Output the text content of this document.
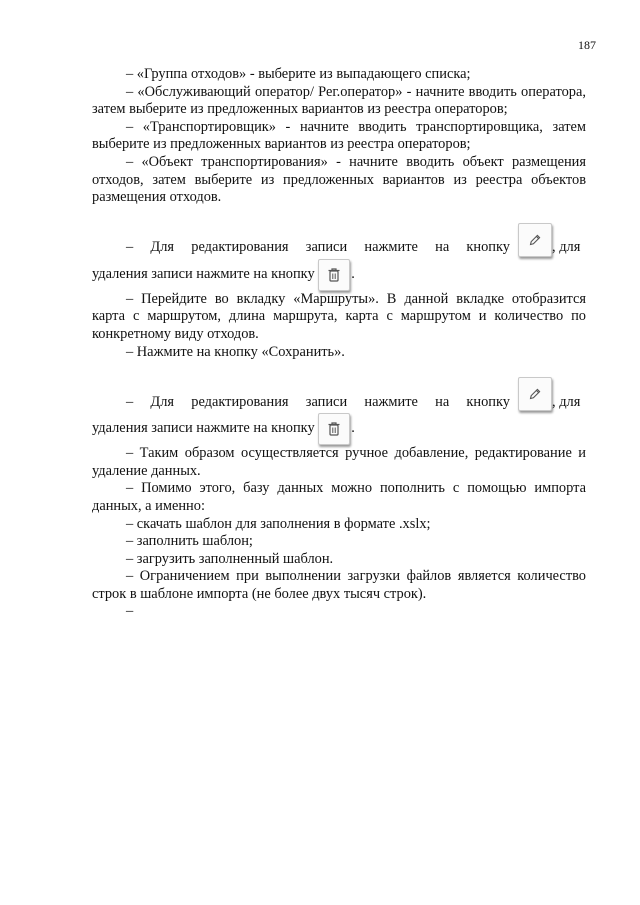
187

– «Группа отходов» - выберите из выпадающего списка;

– «Обслуживающий оператор/ Рег.оператор» - начните вводить оператора, затем выберите из предложенных вариантов из реестра операторов;

– «Транспортировщик» - начните вводить транспортировщика, затем выберите из предложенных вариантов из реестра операторов;

– «Объект транспортирования» - начните вводить объект размещения отходов, затем выберите из предложенных вариантов из реестра объектов размещения отходов.

– Для редактирования записи нажмите на кнопку	, для

удаления записи нажмите на кнопку	.

– Перейдите во вкладку «Маршруты». В данной вкладке отобразится карта с маршрутом, длина маршрута, карта с маршрутом и количество по конкретному виду отходов.

– Нажмите на кнопку «Сохранить».

– Для редактирования записи нажмите на кнопку	, для

удаления записи нажмите на кнопку	.

– Таким образом осуществляется ручное добавление, редактирование и удаление данных.

– Помимо этого, базу данных можно пополнить с помощью импорта данных, а именно:

– скачать шаблон для заполнения в формате .xslx;

– заполнить шаблон;

– загрузить заполненный шаблон.

– Ограничением при выполнении загрузки файлов является количество строк в шаблоне импорта (не более двух тысяч строк).

–
